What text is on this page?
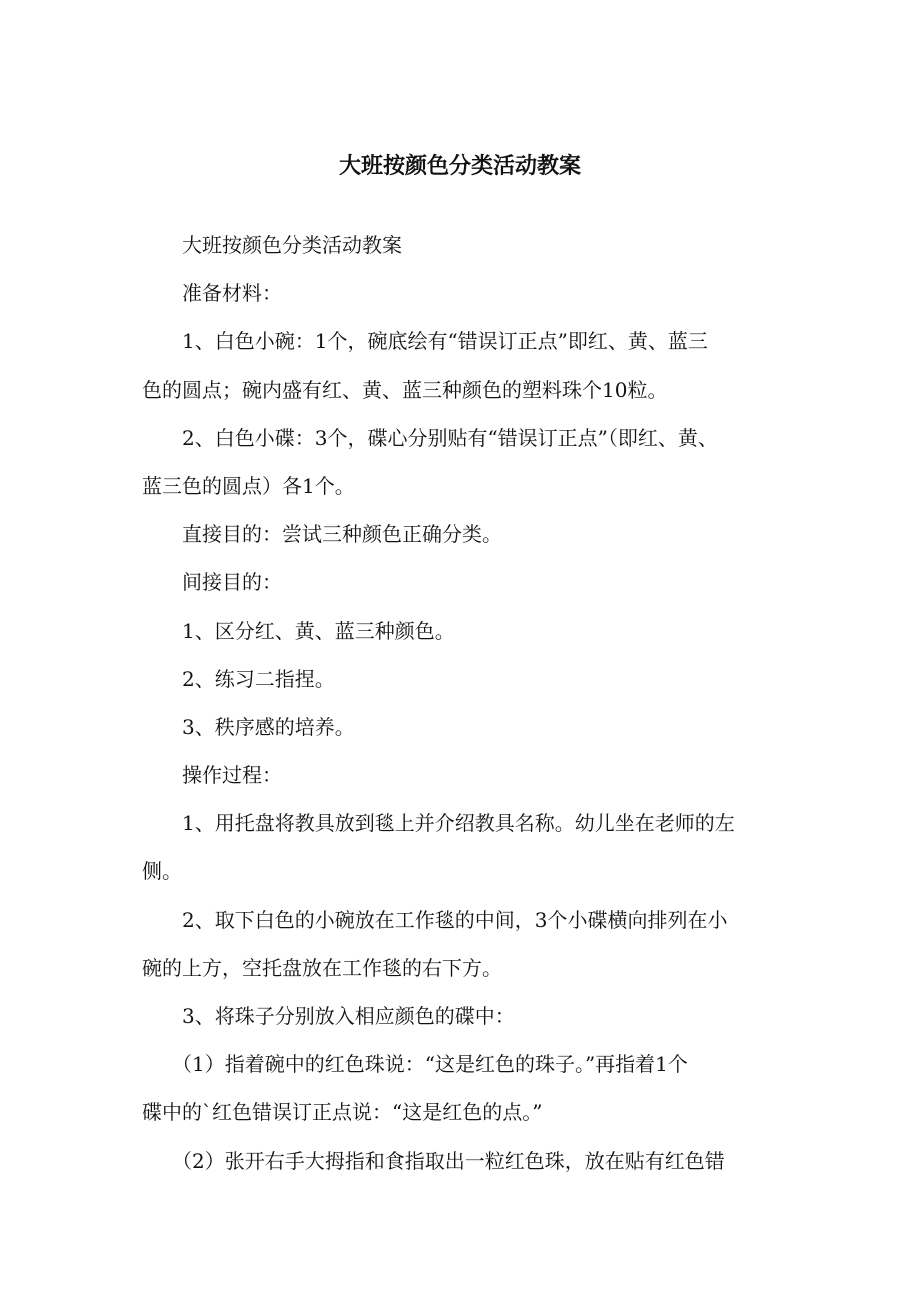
大班按颜色分类活动教案
大班按颜色分类活动教案
准备材料：
1、白色小碗：1个，碗底绘有“错误订正点”即红、黄、蓝三
色的圆点；碗内盛有红、黄、蓝三种颜色的塑料珠个10粒。
2、白色小碟：3个，碟心分别贴有“错误订正点”（即红、黄、
蓝三色的圆点）各1个。
直接目的：尝试三种颜色正确分类。
间接目的：
1、区分红、黄、蓝三种颜色。
2、练习二指捏。
3、秩序感的培养。
操作过程：
1、用托盘将教具放到毯上并介绍教具名称。幼儿坐在老师的左
侧。
2、取下白色的小碗放在工作毯的中间，3个小碟横向排列在小
碗的上方，空托盘放在工作毯的右下方。
3、将珠子分别放入相应颜色的碟中：
（1）指着碗中的红色珠说：“这是红色的珠子。”再指着1个
碟中的`红色错误订正点说：“这是红色的点。”
（2）张开右手大拇指和食指取出一粒红色珠，放在贴有红色错
